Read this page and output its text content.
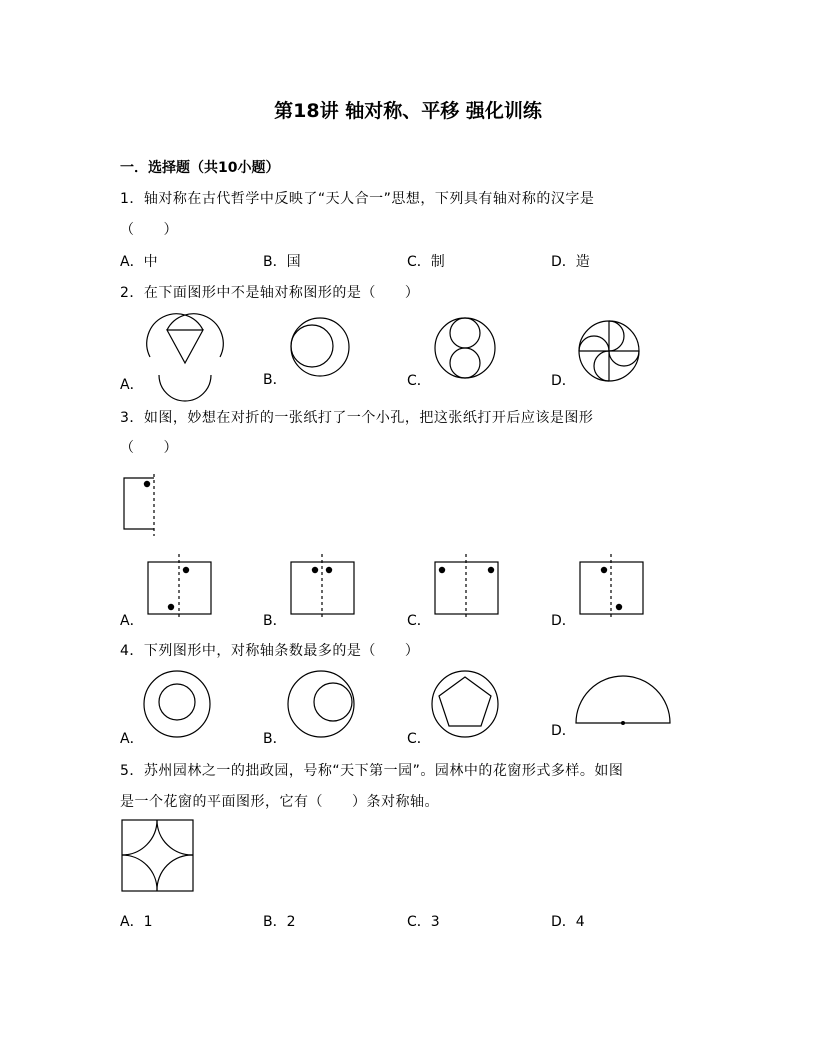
第18讲 轴对称、平移 强化训练
一．选择题（共10小题）
1．轴对称在古代哲学中反映了“天人合一”思想，下列具有轴对称的汉字是
（　　）
A．中	B．国	C．制	D．造
2．在下面图形中不是轴对称图形的是（　　）
A．	B．	C．	D．
3．如图，妙想在对折的一张纸打了一个小孔，把这张纸打开后应该是图形
（　　）
A．	B．	C．	D．
4．下列图形中，对称轴条数最多的是（　　）
A．	B．	C．	D．
5．苏州园林之一的拙政园，号称“天下第一园”。园林中的花窗形式多样。如图
是一个花窗的平面图形，它有（　　）条对称轴。
A．1	B．2	C．3	D．4
